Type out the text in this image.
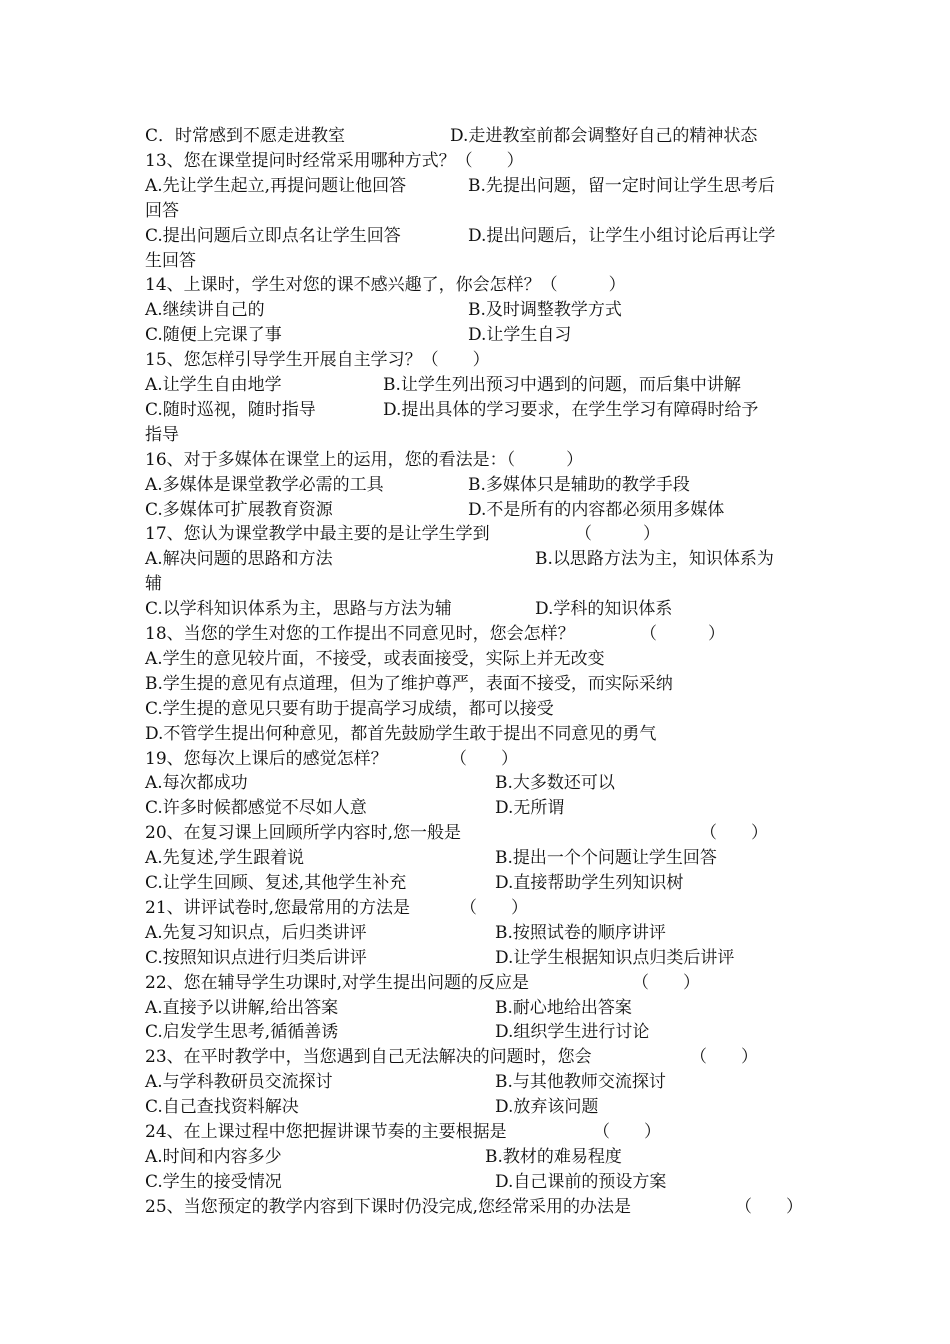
C．时常感到不愿走进教室	D.走进教室前都会调整好自己的精神状态
13、您在课堂提问时经常采用哪种方式？（　　）
A.先让学生起立,再提问题让他回答	B.先提出问题，留一定时间让学生思考后
回答
C.提出问题后立即点名让学生回答	D.提出问题后，让学生小组讨论后再让学
生回答
14、上课时，学生对您的课不感兴趣了，你会怎样？（　　　）
A.继续讲自己的	B.及时调整教学方式
C.随便上完课了事	D.让学生自习
15、您怎样引导学生开展自主学习？（　　）
A.让学生自由地学	B.让学生列出预习中遇到的问题，而后集中讲解
C.随时巡视，随时指导	D.提出具体的学习要求，在学生学习有障碍时给予
指导
16、对于多媒体在课堂上的运用，您的看法是：（　　　）
A.多媒体是课堂教学必需的工具	B.多媒体只是辅助的教学手段
C.多媒体可扩展教育资源	D.不是所有的内容都必须用多媒体
17、您认为课堂教学中最主要的是让学生学到	（　　　）
A.解决问题的思路和方法	B.以思路方法为主，知识体系为
辅
C.以学科知识体系为主，思路与方法为辅	D.学科的知识体系
18、当您的学生对您的工作提出不同意见时，您会怎样？	（　　　）
A.学生的意见较片面，不接受，或表面接受，实际上并无改变
B.学生提的意见有点道理，但为了维护尊严，表面不接受，而实际采纳
C.学生提的意见只要有助于提高学习成绩，都可以接受
D.不管学生提出何种意见，都首先鼓励学生敢于提出不同意见的勇气
19、您每次上课后的感觉怎样？	（　　）
A.每次都成功	B.大多数还可以
C.许多时候都感觉不尽如人意	D.无所谓
20、在复习课上回顾所学内容时,您一般是	（　　）
A.先复述,学生跟着说	B.提出一个个问题让学生回答
C.让学生回顾、复述,其他学生补充	D.直接帮助学生列知识树
21、讲评试卷时,您最常用的方法是	（　　）
A.先复习知识点，后归类讲评	B.按照试卷的顺序讲评
C.按照知识点进行归类后讲评	D.让学生根据知识点归类后讲评
22、您在辅导学生功课时,对学生提出问题的反应是	（　　）
A.直接予以讲解,给出答案	B.耐心地给出答案
C.启发学生思考,循循善诱	D.组织学生进行讨论
23、在平时教学中，当您遇到自己无法解决的问题时，您会	（　　）
A.与学科教研员交流探讨	B.与其他教师交流探讨
C.自己查找资料解决	D.放弃该问题
24、在上课过程中您把握讲课节奏的主要根据是	（　　）
A.时间和内容多少	B.教材的难易程度
C.学生的接受情况	D.自己课前的预设方案
25、当您预定的教学内容到下课时仍没完成,您经常采用的办法是	（　　）
